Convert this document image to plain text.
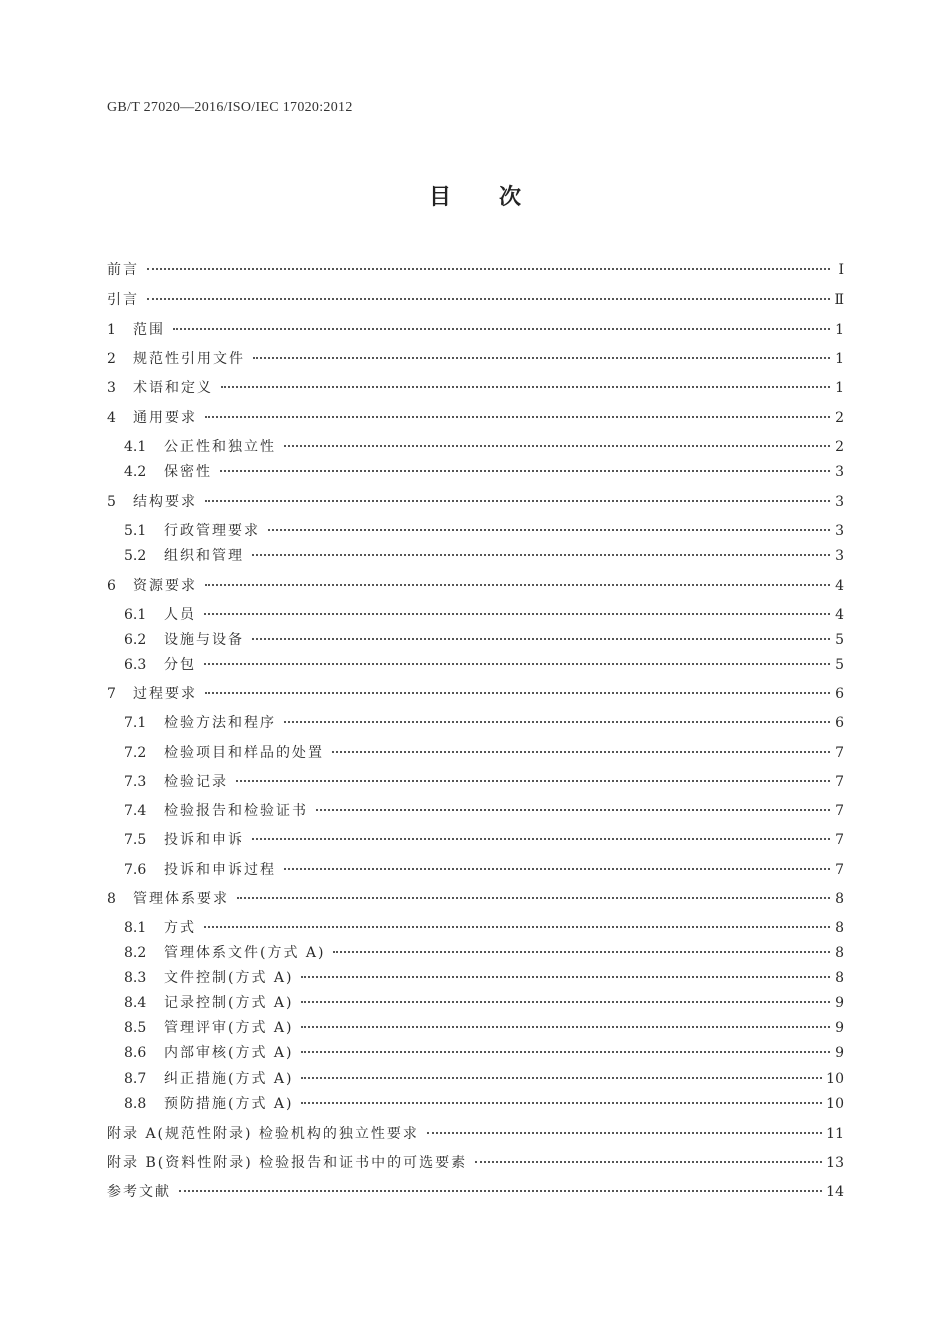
GB/T 27020—2016/ISO/IEC 17020:2012
目次
前言	Ⅰ
引言	Ⅱ
1	范围	1
2	规范性引用文件	1
3	术语和定义	1
4	通用要求	2
4.1	公正性和独立性	2
4.2	保密性	3
5	结构要求	3
5.1	行政管理要求	3
5.2	组织和管理	3
6	资源要求	4
6.1	人员	4
6.2	设施与设备	5
6.3	分包	5
7	过程要求	6
7.1	检验方法和程序	6
7.2	检验项目和样品的处置	7
7.3	检验记录	7
7.4	检验报告和检验证书	7
7.5	投诉和申诉	7
7.6	投诉和申诉过程	7
8	管理体系要求	8
8.1	方式	8
8.2	管理体系文件(方式 A)	8
8.3	文件控制(方式 A)	8
8.4	记录控制(方式 A)	9
8.5	管理评审(方式 A)	9
8.6	内部审核(方式 A)	9
8.7	纠正措施(方式 A)	10
8.8	预防措施(方式 A)	10
附录 A(规范性附录) 检验机构的独立性要求	11
附录 B(资料性附录) 检验报告和证书中的可选要素	13
参考文献	14
